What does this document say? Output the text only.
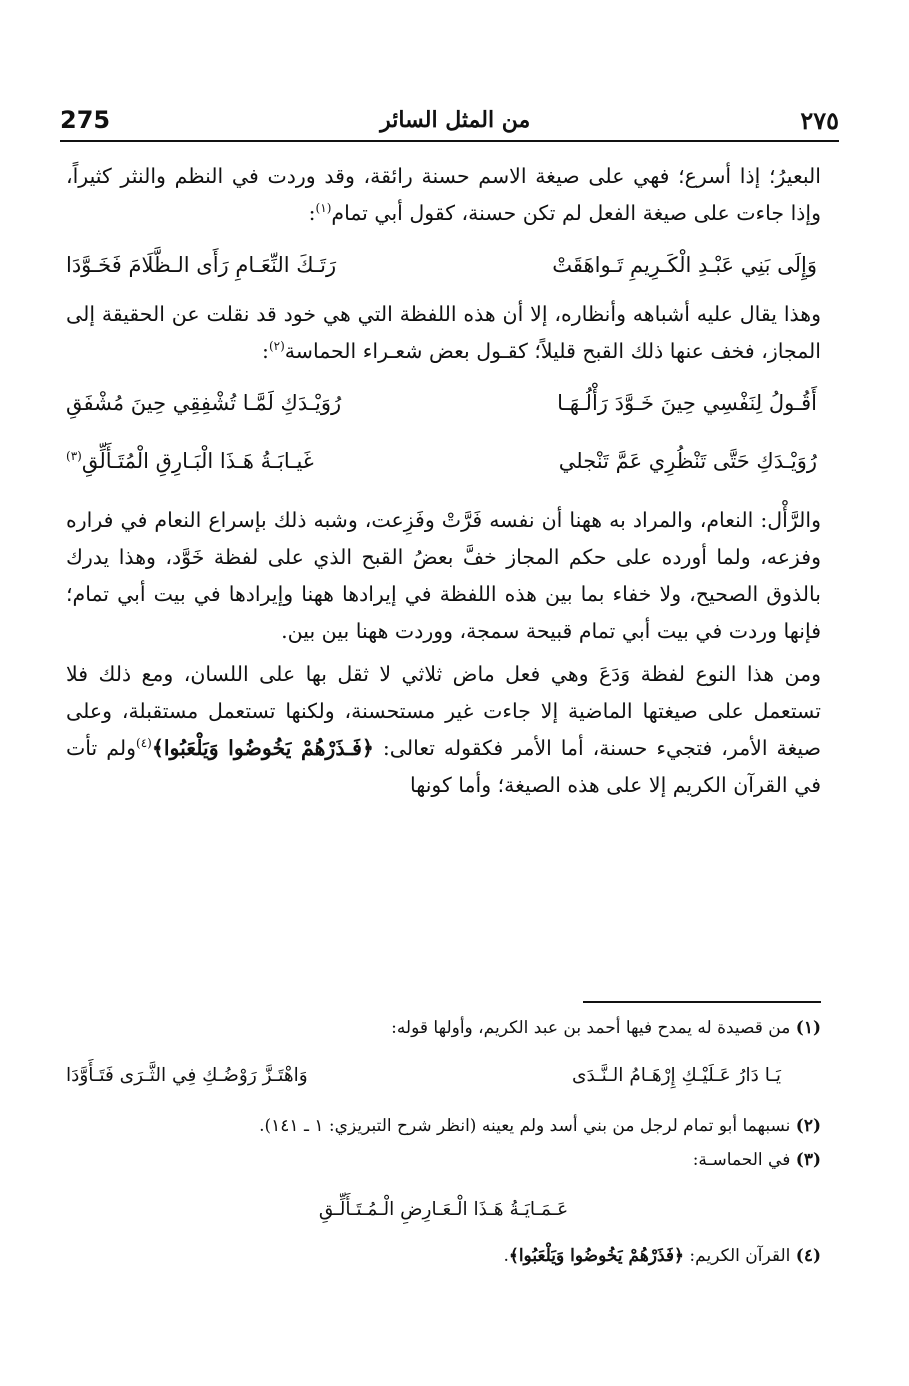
275	من المثل السائر	٢٧٥

البعيرُ؛ إذا أسرع؛ فهي على صيغة الاسم حسنة رائقة، وقد وردت في النظم والنثر كثيراً، وإذا جاءت على صيغة الفعل لم تكن حسنة، كقول أبي تمام$^{(١)}$:

وَإِلَى بَنِي عَبْـدِ الْكَـرِيمِ تَـواهَقَتْ
رَتَـكَ النِّعَـامِ رَأَى الـظَّلَامَ فَخَـوَّدَا

وهذا يقال عليه أشباهه وأنظاره، إلا أن هذه اللفظة التي هي خود قد نقلت عن الحقيقة إلى المجاز، فخف عنها ذلك القبح قليلاً؛ كقـول بعض شعـراء الحماسة$^{(٢)}$:

أَقُـولُ لِنَفْسِي حِينَ خَـوَّدَ رَأْلُـهَـا
رُوَيْـدَكِ لَمَّـا تُشْفِقِي حِينَ مُشْفَقِ
رُوَيْـدَكِ حَتَّى تَنْظُرِي عَمَّ تَنْجلي
غَيـابَـةُ هَـذَا الْبَـارِقِ الْمُتَـأَلِّقِ$^{(٣)}$

والرَّأْل: النعام، والمراد به ههنا أن نفسه فَرَّتْ وفَزِعت، وشبه ذلك بإسراع النعام في فراره وفزعه، ولما أورده على حكم المجاز خفَّ بعضُ القبح الذي على لفظة خَوَّد، وهذا يدرك بالذوق الصحيح، ولا خفاء بما بين هذه اللفظة في إيرادها ههنا وإيرادها في بيت أبي تمام؛ فإنها وردت في بيت أبي تمام قبيحة سمجة، ووردت ههنا بين بين.

ومن هذا النوع لفظة وَدَعَ وهي فعل ماض ثلاثي لا ثقل بها على اللسان، ومع ذلك فلا تستعمل على صيغتها الماضية إلا جاءت غير مستحسنة، ولكنها تستعمل مستقبلة، وعلى صيغة الأمر، فتجيء حسنة، أما الأمر فكقوله تعالى: ﴿فَـذَرْهُمْ يَخُوضُوا وَيَلْعَبُوا﴾$^{(٤)}$ولم تأت في القرآن الكريم إلا على هذه الصيغة؛ وأما كونها

(١) من قصيدة له يمدح فيها أحمد بن عبد الكريم، وأولها قوله:

يَـا دَارُ عَـلَيْـكِ إِرْهَـامُ الـنَّـدَى
وَاهْتَـزَّ رَوْضُـكِ فِي الثَّـرَى فَتَـأَوَّدَا

(٢) نسبهما أبو تمام لرجل من بني أسد ولم يعينه (انظر شرح التبريزي: ١ ـ ١٤١).

(٣) في الحماسـة:

عَـمَـايَـةُ هَـذَا الْـعَـارِضِ الْـمُـتَـأَلِّـقِ

(٤) القرآن الكريم: ﴿فَذَرْهُمْ يَخُوضُوا وَيَلْعَبُوا﴾.
